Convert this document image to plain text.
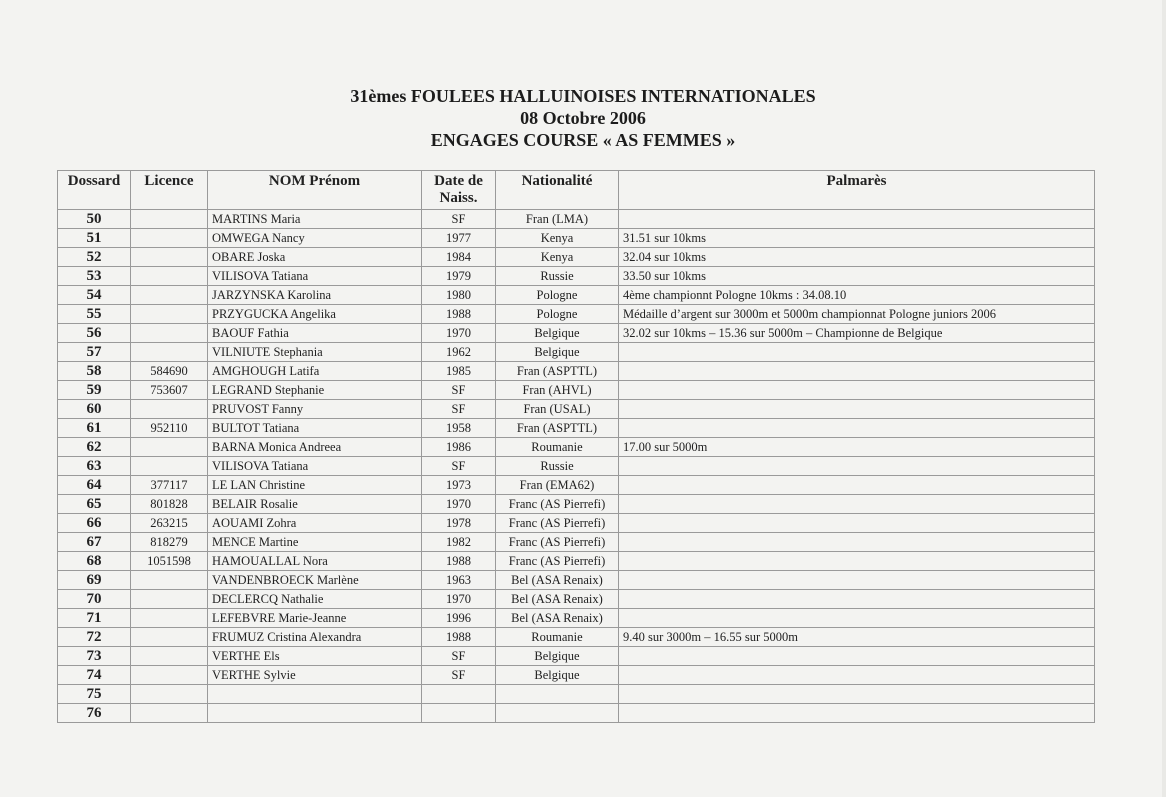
31èmes FOULEES HALLUINOISES INTERNATIONALES
08 Octobre 2006
ENGAGES COURSE « AS FEMMES »
Dossard	Licence	NOM Prénom	Date de Naiss.	Nationalité	Palmarès
50		MARTINS Maria	SF	Fran (LMA)	
51		OMWEGA Nancy	1977	Kenya	31.51 sur 10kms
52		OBARE Joska	1984	Kenya	32.04 sur 10kms
53		VILISOVA Tatiana	1979	Russie	33.50 sur 10kms
54		JARZYNSKA Karolina	1980	Pologne	4ème championnt Pologne 10kms : 34.08.10
55		PRZYGUCKA Angelika	1988	Pologne	Médaille d’argent sur 3000m et 5000m championnat Pologne juniors 2006
56		BAOUF Fathia	1970	Belgique	32.02 sur 10kms – 15.36 sur 5000m – Championne de Belgique
57		VILNIUTE Stephania	1962	Belgique	
58	584690	AMGHOUGH Latifa	1985	Fran (ASPTTL)	
59	753607	LEGRAND Stephanie	SF	Fran (AHVL)	
60		PRUVOST Fanny	SF	Fran (USAL)	
61	952110	BULTOT Tatiana	1958	Fran (ASPTTL)	
62		BARNA Monica Andreea	1986	Roumanie	17.00 sur 5000m
63		VILISOVA Tatiana	SF	Russie	
64	377117	LE LAN Christine	1973	Fran (EMA62)	
65	801828	BELAIR Rosalie	1970	Franc (AS Pierrefi)	
66	263215	AOUAMI Zohra	1978	Franc (AS Pierrefi)	
67	818279	MENCE Martine	1982	Franc (AS Pierrefi)	
68	1051598	HAMOUALLAL Nora	1988	Franc (AS Pierrefi)	
69		VANDENBROECK Marlène	1963	Bel (ASA Renaix)	
70		DECLERCQ Nathalie	1970	Bel (ASA Renaix)	
71		LEFEBVRE Marie-Jeanne	1996	Bel (ASA Renaix)	
72		FRUMUZ Cristina Alexandra	1988	Roumanie	9.40 sur 3000m – 16.55 sur 5000m
73		VERTHE Els	SF	Belgique	
74		VERTHE Sylvie	SF	Belgique	
75					
76					
